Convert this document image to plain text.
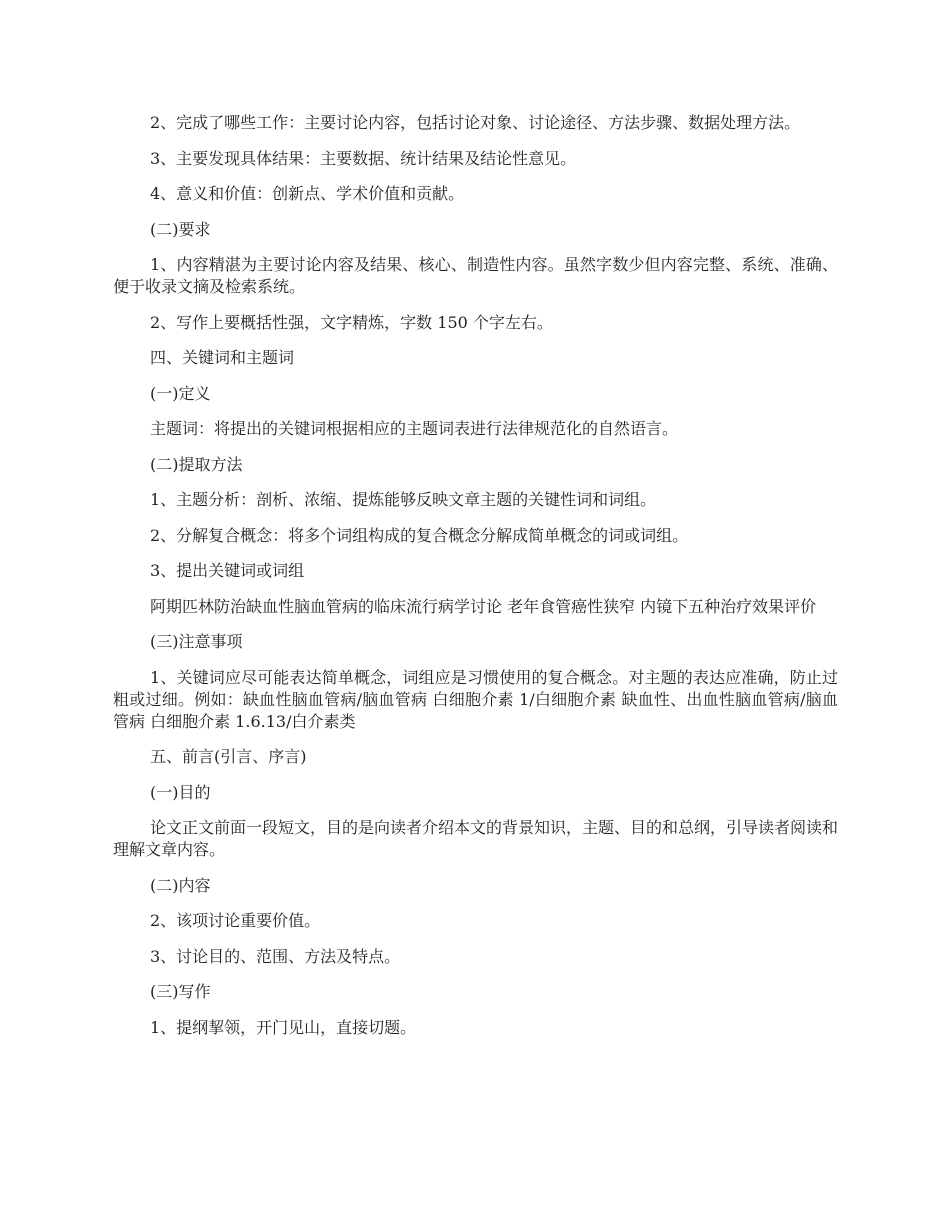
2、完成了哪些工作：主要讨论内容，包括讨论对象、讨论途径、方法步骤、数据处理方法。

3、主要发现具体结果：主要数据、统计结果及结论性意见。

4、意义和价值：创新点、学术价值和贡献。

(二)要求

1、内容精湛为主要讨论内容及结果、核心、制造性内容。虽然字数少但内容完整、系统、准确、便于收录文摘及检索系统。

2、写作上要概括性强，文字精炼，字数 150 个字左右。

四、关键词和主题词

(一)定义

主题词：将提出的关键词根据相应的主题词表进行法律规范化的自然语言。

(二)提取方法

1、主题分析：剖析、浓缩、提炼能够反映文章主题的关键性词和词组。

2、分解复合概念：将多个词组构成的复合概念分解成简单概念的词或词组。

3、提出关键词或词组

阿期匹林防治缺血性脑血管病的临床流行病学讨论 老年食管癌性狭窄 内镜下五种治疗效果评价

(三)注意事项

1、关键词应尽可能表达简单概念，词组应是习惯使用的复合概念。对主题的表达应准确，防止过粗或过细。例如：缺血性脑血管病/脑血管病 白细胞介素 1/白细胞介素 缺血性、出血性脑血管病/脑血管病 白细胞介素 1.6.13/白介素类

五、前言(引言、序言)

(一)目的

论文正文前面一段短文，目的是向读者介绍本文的背景知识，主题、目的和总纲，引导读者阅读和理解文章内容。

(二)内容

2、该项讨论重要价值。

3、讨论目的、范围、方法及特点。

(三)写作

1、提纲挈领，开门见山，直接切题。
